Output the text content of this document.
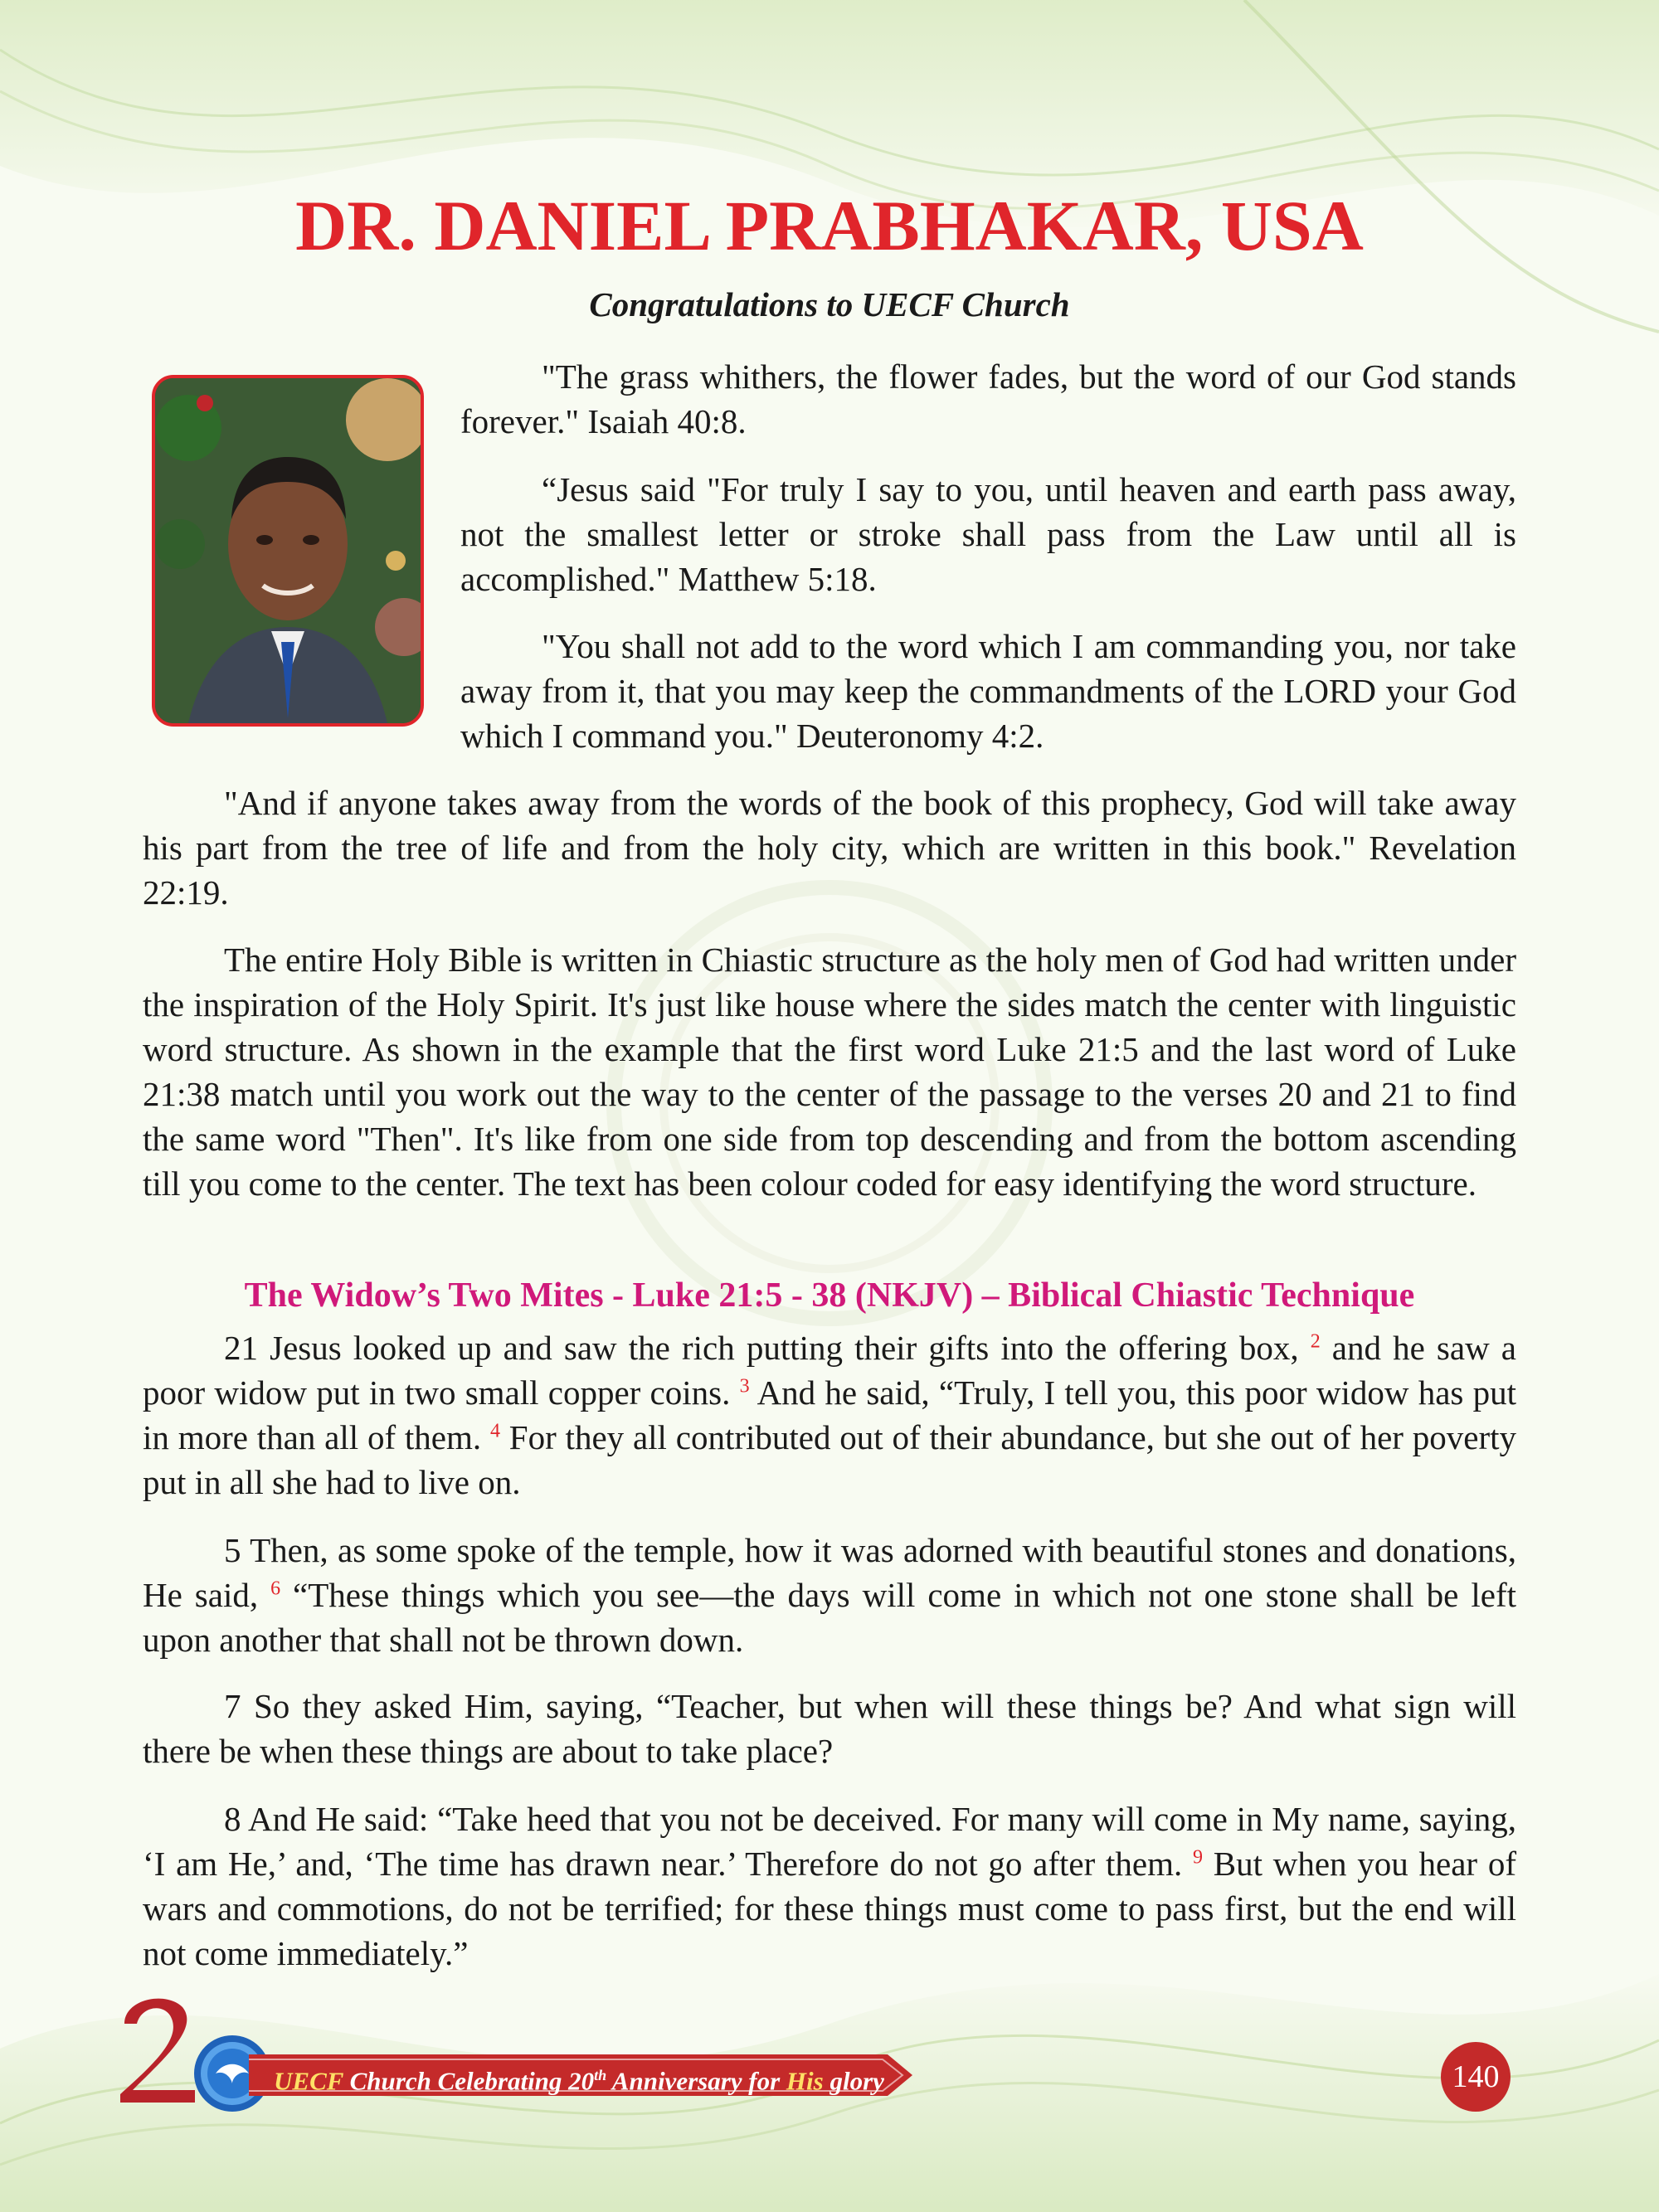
DR. DANIEL PRABHAKAR, USA
Congratulations to UECF Church

"The grass whithers, the flower fades, but the word of our God stands forever." Isaiah 40:8.

“Jesus said "For truly I say to you, until heaven and earth pass away, not the smallest letter or stroke shall pass from the Law until all is accomplished." Matthew 5:18.

"You shall not add to the word which I am commanding you, nor take away from it, that you may keep the commandments of the LORD your God which I command you." Deuteronomy 4:2.

"And if anyone takes away from the words of the book of this prophecy, God will take away his part from the tree of life and from the holy city, which are written in this book." Revelation 22:19.

The entire Holy Bible is written in Chiastic structure as the holy men of God had written under the inspiration of the Holy Spirit. It's just like house where the sides match the center with linguistic word structure. As shown in the example that the first word Luke 21:5 and the last word of Luke 21:38 match until you work out the way to the center of the passage to the verses 20 and 21 to find the same word "Then". It's like from one side from top descending and from the bottom ascending till you come to the center. The text has been colour coded for easy identifying the word structure.

The Widow’s Two Mites - Luke 21:5 - 38 (NKJV) – Biblical Chiastic Technique

21 Jesus looked up and saw the rich putting their gifts into the offering box, $^2$ and he saw a poor widow put in two small copper coins. $^3$ And he said, “Truly, I tell you, this poor widow has put in more than all of them. $^4$ For they all contributed out of their abundance, but she out of her poverty put in all she had to live on.

5 Then, as some spoke of the temple, how it was adorned with beautiful stones and donations, He said, $^6$ “These things which you see—the days will come in which not one stone shall be left upon another that shall not be thrown down.

7 So they asked Him, saying, “Teacher, but when will these things be? And what sign will there be when these things are about to take place?

8 And He said: “Take heed that you not be deceived. For many will come in My name, saying, ‘I am He,’ and, ‘The time has drawn near.’ Therefore do not go after them. $^9$ But when you hear of wars and commotions, do not be terrified; for these things must come to pass first, but the end will not come immediately.”

UECF Church Celebrating 20th Anniversary for His glory	140
